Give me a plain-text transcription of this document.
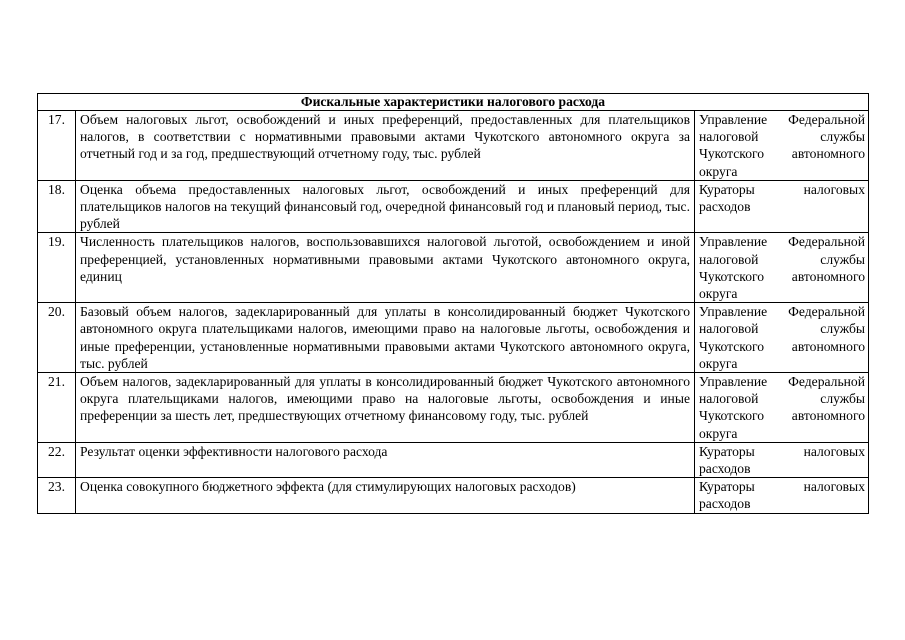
Фискальные характеристики налогового расхода		
17.	Объем налоговых льгот, освобождений и иных преференций, предоставленных для плательщиков налогов, в соответствии с нормативными правовыми актами Чукотского автономного округа за отчетный год и за год, предшествующий отчетному году, тыс. рублей	Управление Федеральной налоговой службы Чукотского автономного округа
18.	Оценка объема предоставленных налоговых льгот, освобождений и иных преференций для плательщиков налогов на текущий финансовый год, очередной финансовый год и плановый период, тыс. рублей	Кураторы налоговых расходов
19.	Численность плательщиков налогов, воспользовавшихся налоговой льготой, освобождением и иной преференцией, установленных нормативными правовыми актами Чукотского автономного округа, единиц	Управление Федеральной налоговой службы Чукотского автономного округа
20.	Базовый объем налогов, задекларированный для уплаты в консолидированный бюджет Чукотского автономного округа плательщиками налогов, имеющими право на налоговые льготы, освобождения и иные преференции, установленные нормативными правовыми актами Чукотского автономного округа, тыс. рублей	Управление Федеральной налоговой службы Чукотского автономного округа
21.	Объем налогов, задекларированный для уплаты в консолидированный бюджет Чукотского автономного округа плательщиками налогов, имеющими право на налоговые льготы, освобождения и иные преференции за шесть лет, предшествующих отчетному финансовому году, тыс. рублей	Управление Федеральной налоговой службы Чукотского автономного округа
22.	Результат оценки эффективности налогового расхода	Кураторы налоговых расходов
23.	Оценка совокупного бюджетного эффекта (для стимулирующих налоговых расходов)	Кураторы налоговых расходов
